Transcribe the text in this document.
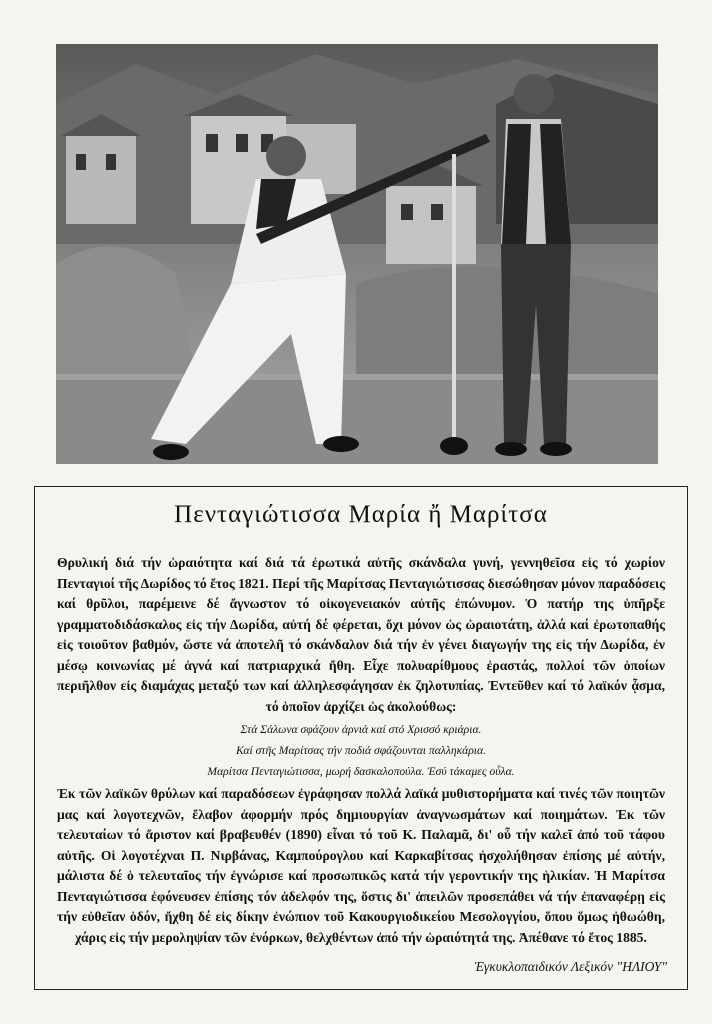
Πενταγιώτισσα Μαρία ἤ Μαρίτσα

Θρυλική διά τήν ὡραιότητα καί διά τά ἐρωτικά αὐτῆς σκάνδαλα γυνή, γεννηθεῖσα εἰς τό χωρίον Πενταγιοί τῆς Δωρίδος τό ἔτος 1821. Περί τῆς Μαρίτσας Πενταγιώτισσας διεσώθησαν μόνον παραδόσεις καί θρῦλοι, παρέμεινε δέ ἄγνωστον τό οἰκογενειακόν αὐτῆς ἐπώνυμον. Ὁ πατήρ της ὑπῆρξε γραμματοδιδάσκαλος εἰς τήν Δωρίδα, αὐτή δέ φέρεται, ὄχι μόνον ὡς ὡραιοτάτη, ἀλλά καί ἐρωτοπαθής εἰς τοιοῦτον βαθμόν, ὥστε νά ἀποτελῆ τό σκάνδαλον διά τήν ἐν γένει διαγωγήν της εἰς τήν Δωρίδα, ἐν μέσῳ κοινωνίας μέ ἁγνά καί πατριαρχικά ἤθη. Εἶχε πολυαρίθμους ἐραστάς, πολλοί τῶν ὁποίων περιῆλθον εἰς διαμάχας μεταξύ των καί ἀλληλεσφάγησαν ἐκ ζηλοτυπίας. Ἐντεῦθεν καί τό λαϊκόν ᾆσμα, τό ὁποῖον ἀρχίζει ὡς ἀκολούθως:

Στά Σάλωνα σφάζουν ἀρνιά καί στό Χρισσό κριάρια.
Καί στῆς Μαρίτσας τήν ποδιά σφάζουνται παλληκάρια.
Μαρίτσα Πενταγιώτισσα, μωρή δασκαλοπούλα. Ἐσύ τάκαμες οὖλα.

Ἐκ τῶν λαϊκῶν θρύλων καί παραδόσεων ἐγράφησαν πολλά λαϊκά μυθιστορήματα καί τινές τῶν ποιητῶν μας καί λογοτεχνῶν, ἔλαβον ἀφορμήν πρός δημιουργίαν ἀναγνωσμάτων καί ποιημάτων. Ἐκ τῶν τελευταίων τό ἄριστον καί βραβευθέν (1890) εἶναι τό τοῦ Κ. Παλαμᾶ, δι' οὗ τήν καλεῖ ἀπό τοῦ τάφου αὐτῆς. Οἱ λογοτέχναι Π. Νιρβάνας, Καμπούρογλου καί Καρκαβίτσας ἠσχολήθησαν ἐπίσης μέ αὐτήν, μάλιστα δέ ὁ τελευταῖος τήν ἐγνώρισε καί προσωπικῶς κατά τήν γεροντικήν της ἡλικίαν. Ἡ Μαρίτσα Πενταγιώτισσα ἐφόνευσεν ἐπίσης τόν ἀδελφόν της, ὅστις δι' ἀπειλῶν προσεπάθει νά τήν ἐπαναφέρῃ εἰς τήν εὐθεῖαν ὁδόν, ἤχθη δέ εἰς δίκην ἐνώπιον τοῦ Κακουργιοδικείου Μεσολογγίου, ὅπου ὅμως ἠθωώθη, χάρις εἰς τήν μεροληψίαν τῶν ἐνόρκων, θελχθέντων ἀπό τήν ὡραιότητά της. Ἀπέθανε τό ἔτος 1885.

Ἐγκυκλοπαιδικόν Λεξικόν "ΗΛΙΟΥ"
